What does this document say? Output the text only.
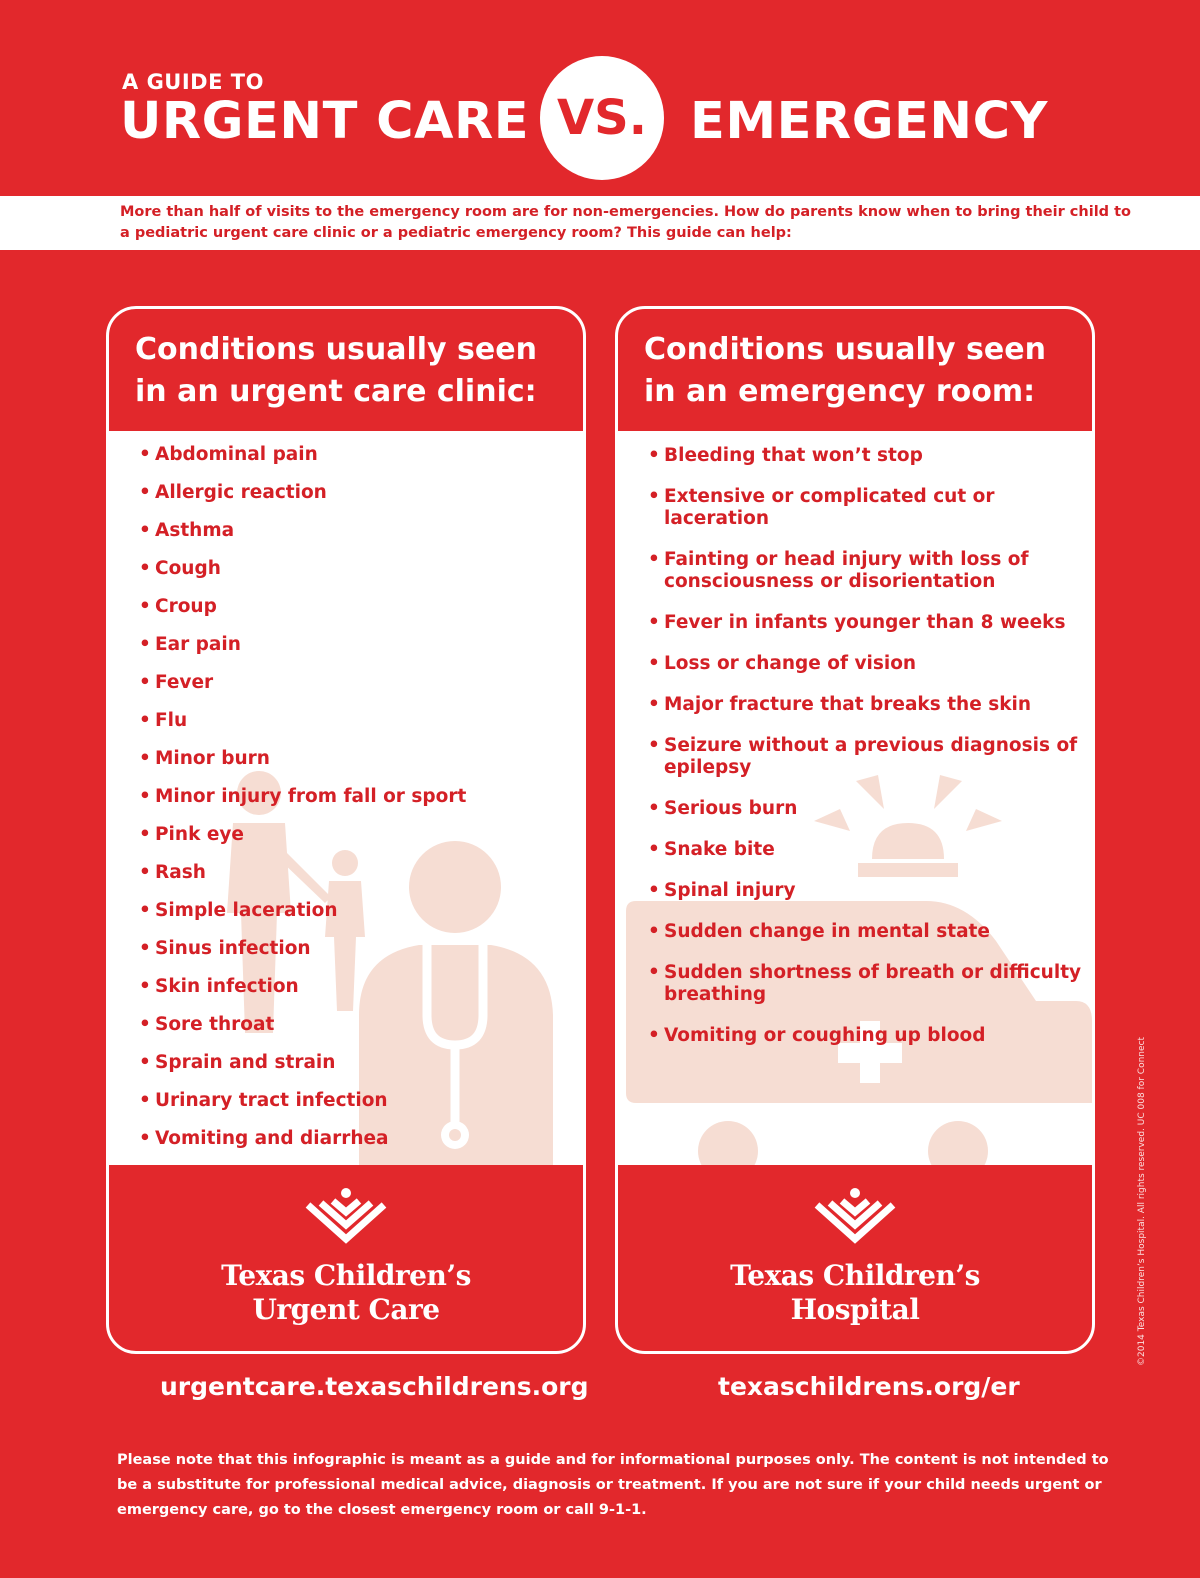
A GUIDE TO
URGENT CARE VS. EMERGENCY
More than half of visits to the emergency room are for non-emergencies. How do parents know when to bring their child to a pediatric urgent care clinic or a pediatric emergency room? This guide can help:
Conditions usually seen
in an urgent care clinic:
• Abdominal pain
• Allergic reaction
• Asthma
• Cough
• Croup
• Ear pain
• Fever
• Flu
• Minor burn
• Minor injury from fall or sport
• Pink eye
• Rash
• Simple laceration
• Sinus infection
• Skin infection
• Sore throat
• Sprain and strain
• Urinary tract infection
• Vomiting and diarrhea
Texas Children’s
Urgent Care
Conditions usually seen
in an emergency room:
• Bleeding that won’t stop
• Extensive or complicated cut or laceration
• Fainting or head injury with loss of consciousness or disorientation
• Fever in infants younger than 8 weeks
• Loss or change of vision
• Major fracture that breaks the skin
• Seizure without a previous diagnosis of epilepsy
• Serious burn
• Snake bite
• Spinal injury
• Sudden change in mental state
• Sudden shortness of breath or difficulty breathing
• Vomiting or coughing up blood
Texas Children’s
Hospital
urgentcare.texaschildrens.org	texaschildrens.org/er
Please note that this infographic is meant as a guide and for informational purposes only. The content is not intended to be a substitute for professional medical advice, diagnosis or treatment. If you are not sure if your child needs urgent or emergency care, go to the closest emergency room or call 9-1-1.
©2014 Texas Children’s Hospital. All rights reserved. UC 008 for Connect
